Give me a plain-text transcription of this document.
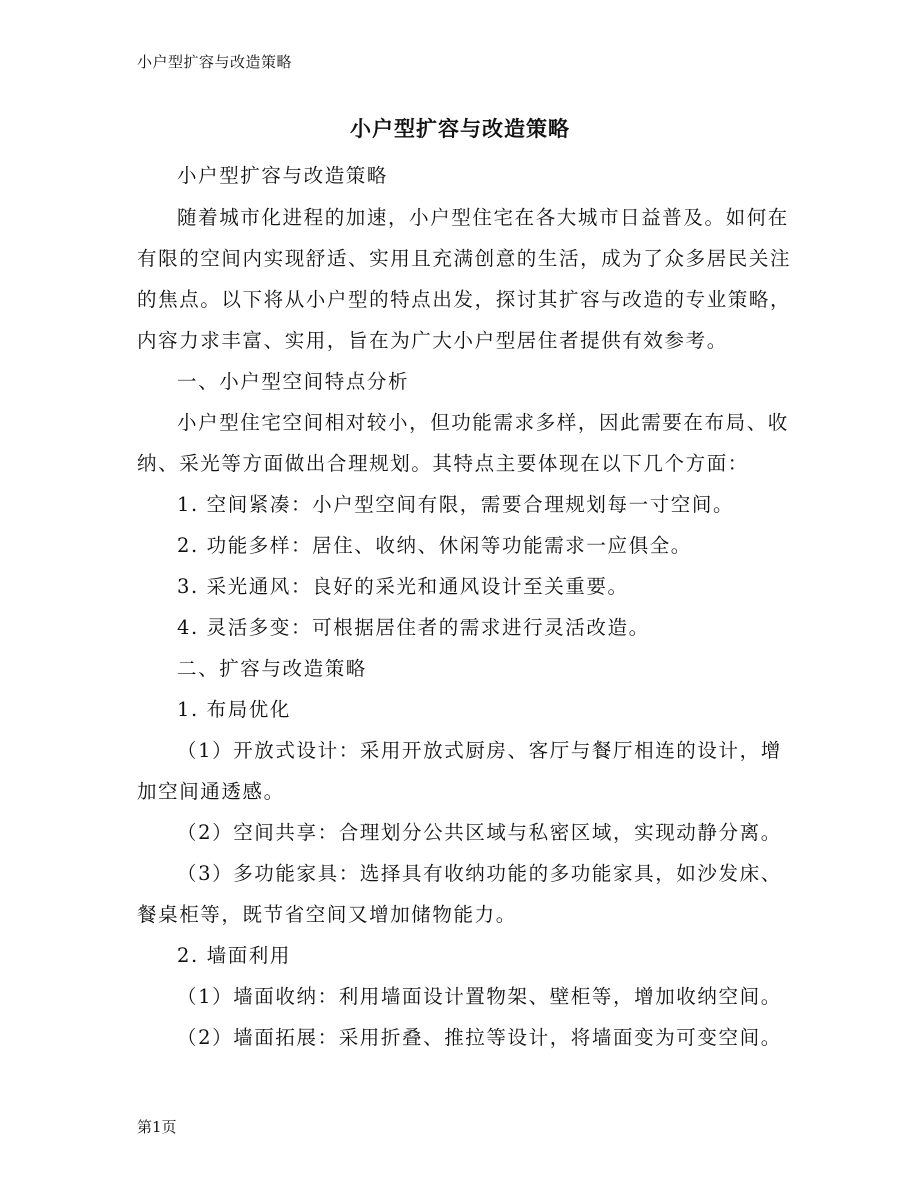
小户型扩容与改造策略
小户型扩容与改造策略
小户型扩容与改造策略
随着城市化进程的加速，小户型住宅在各大城市日益普及。如何在
有限的空间内实现舒适、实用且充满创意的生活，成为了众多居民关注
的焦点。以下将从小户型的特点出发，探讨其扩容与改造的专业策略，
内容力求丰富、实用，旨在为广大小户型居住者提供有效参考。
一、小户型空间特点分析
小户型住宅空间相对较小，但功能需求多样，因此需要在布局、收
纳、采光等方面做出合理规划。其特点主要体现在以下几个方面：
1. 空间紧凑：小户型空间有限，需要合理规划每一寸空间。
2. 功能多样：居住、收纳、休闲等功能需求一应俱全。
3. 采光通风：良好的采光和通风设计至关重要。
4. 灵活多变：可根据居住者的需求进行灵活改造。
二、扩容与改造策略
1. 布局优化
（1）开放式设计：采用开放式厨房、客厅与餐厅相连的设计，增
加空间通透感。
（2）空间共享：合理划分公共区域与私密区域，实现动静分离。
（3）多功能家具：选择具有收纳功能的多功能家具，如沙发床、
餐桌柜等，既节省空间又增加储物能力。
2. 墙面利用
（1）墙面收纳：利用墙面设计置物架、壁柜等，增加收纳空间。
（2）墙面拓展：采用折叠、推拉等设计，将墙面变为可变空间。
第1页
